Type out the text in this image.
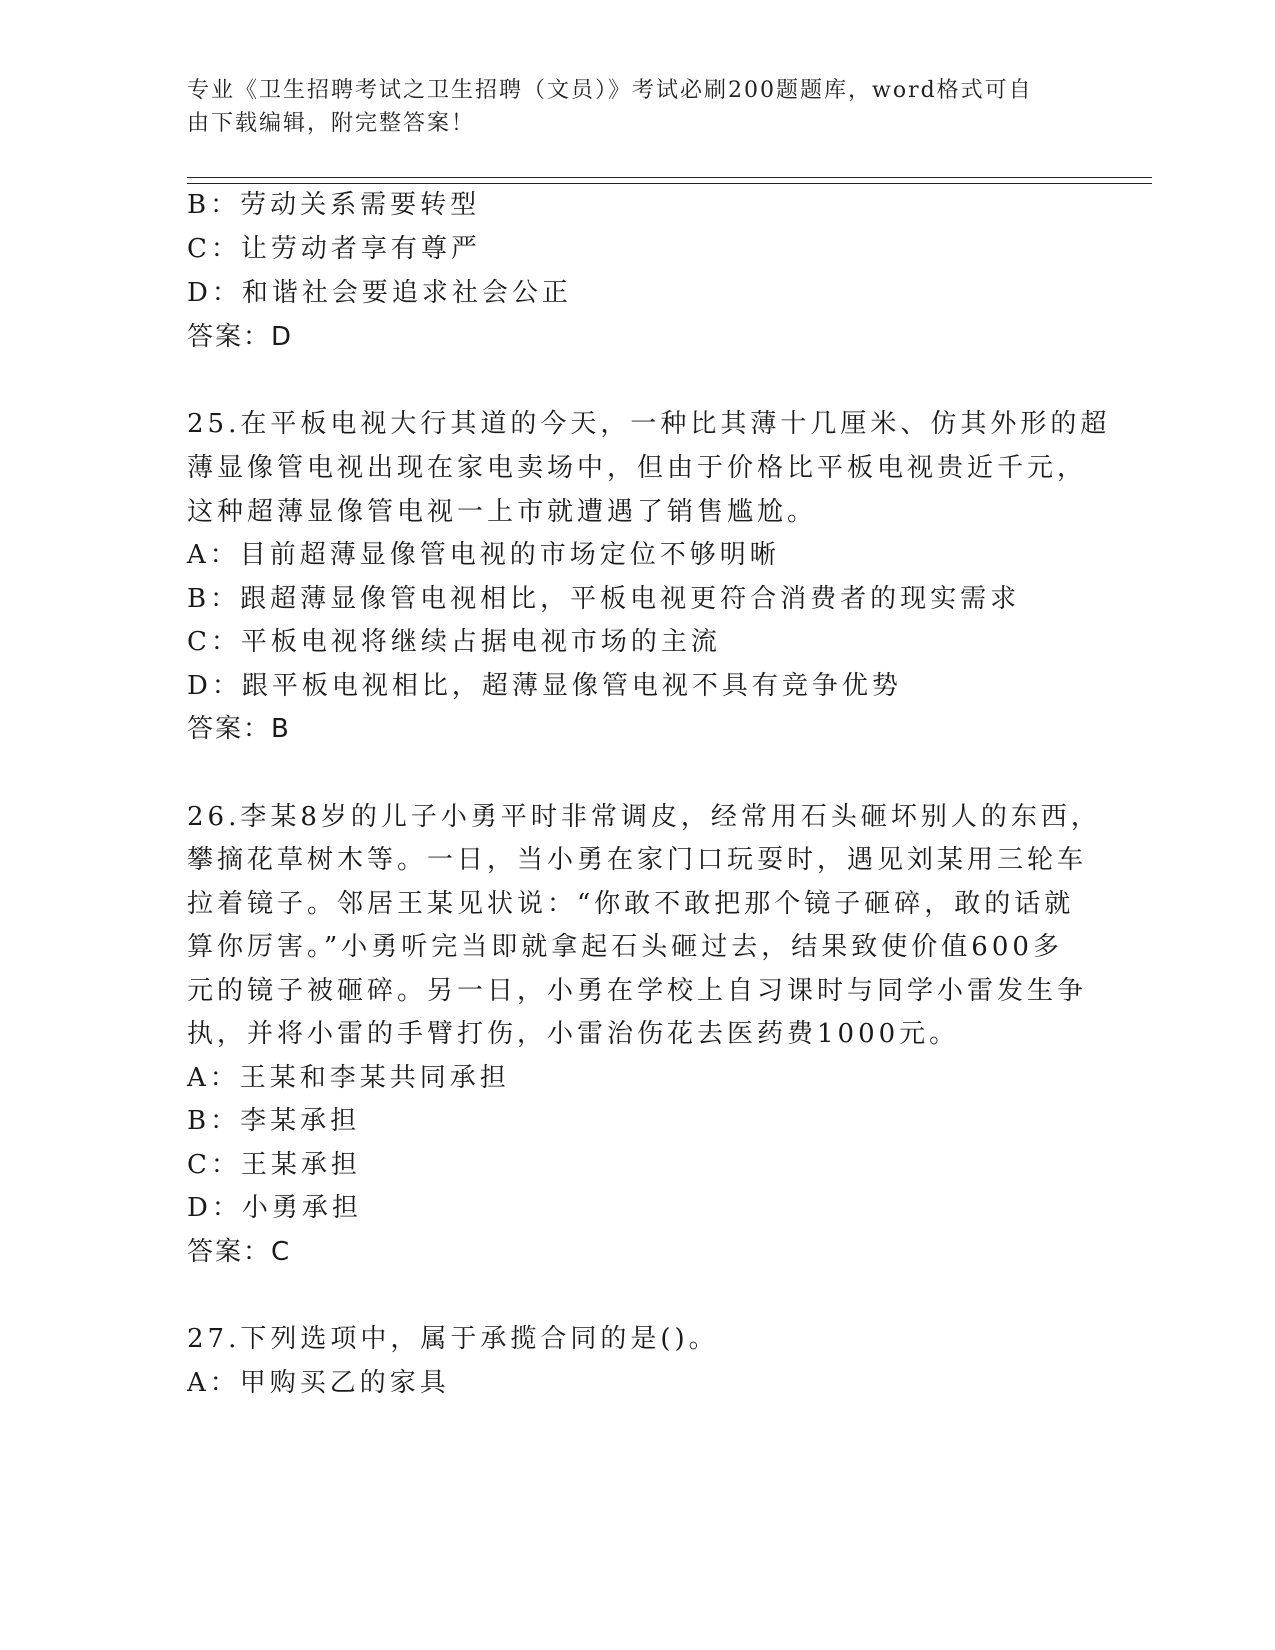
专业《卫生招聘考试之卫生招聘（文员）》考试必刷200题题库，word格式可自
由下载编辑，附完整答案！
B：劳动关系需要转型
C：让劳动者享有尊严
D：和谐社会要追求社会公正
答案：D
25.在平板电视大行其道的今天，一种比其薄十几厘米、仿其外形的超
薄显像管电视出现在家电卖场中，但由于价格比平板电视贵近千元，
这种超薄显像管电视一上市就遭遇了销售尴尬。
A：目前超薄显像管电视的市场定位不够明晰
B：跟超薄显像管电视相比，平板电视更符合消费者的现实需求
C：平板电视将继续占据电视市场的主流
D：跟平板电视相比，超薄显像管电视不具有竞争优势
答案：B
26.李某8岁的儿子小勇平时非常调皮，经常用石头砸坏别人的东西，
攀摘花草树木等。一日，当小勇在家门口玩耍时，遇见刘某用三轮车
拉着镜子。邻居王某见状说：“你敢不敢把那个镜子砸碎，敢的话就
算你厉害。”小勇听完当即就拿起石头砸过去，结果致使价值600多
元的镜子被砸碎。另一日，小勇在学校上自习课时与同学小雷发生争
执，并将小雷的手臂打伤，小雷治伤花去医药费1000元。
A：王某和李某共同承担
B：李某承担
C：王某承担
D：小勇承担
答案：C
27.下列选项中，属于承揽合同的是()。
A：甲购买乙的家具
